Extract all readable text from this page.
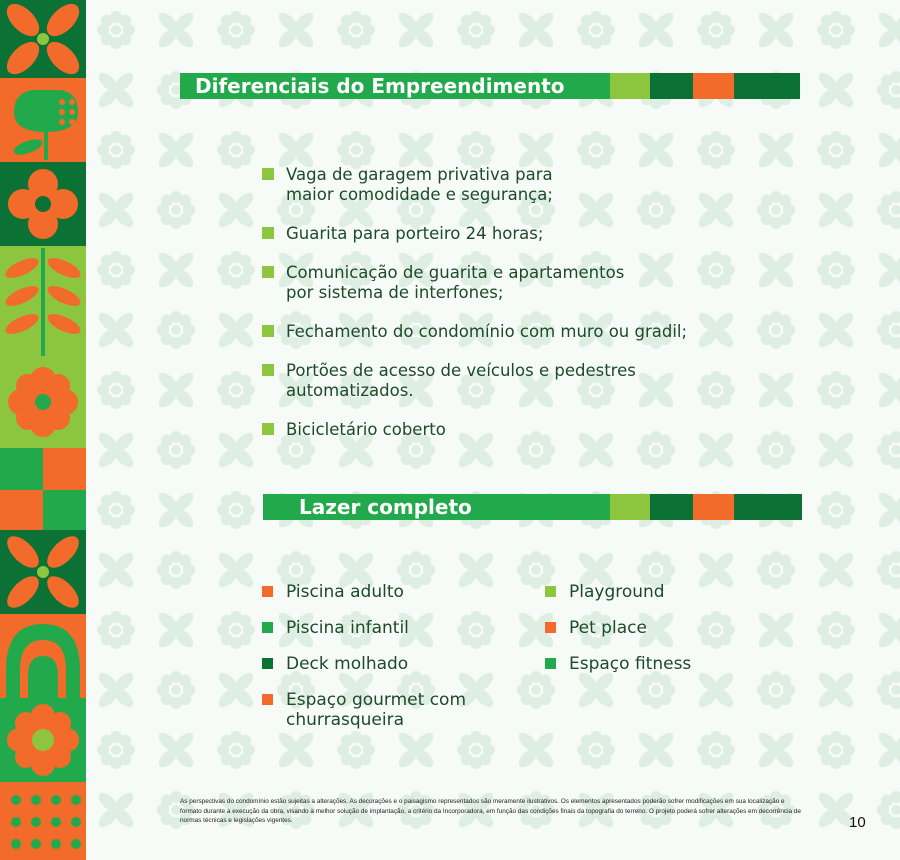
Diferenciais do Empreendimento
Vaga de garagem privativa para
maior comodidade e segurança;
Guarita para porteiro 24 horas;
Comunicação de guarita e apartamentos
por sistema de interfones;
Fechamento do condomínio com muro ou gradil;
Portões de acesso de veículos e pedestres
automatizados.
Bicicletário coberto
Lazer completo
Piscina adulto
Piscina infantil
Deck molhado
Espaço gourmet com
churrasqueira
Playground
Pet place
Espaço fitness
As perspectivas do condomínio estão sujeitas a alterações. As decorações e o paisagismo representados são meramente ilustrativos. Os elementos apresentados poderão sofrer modificações em sua localização e formato durante a execução da obra, visando à melhor solução de implantação, a critério da Incorporadora, em função das condições finais da topografia do terreno. O projeto poderá sofrer alterações em decorrência de normas técnicas e legislações vigentes.	10
